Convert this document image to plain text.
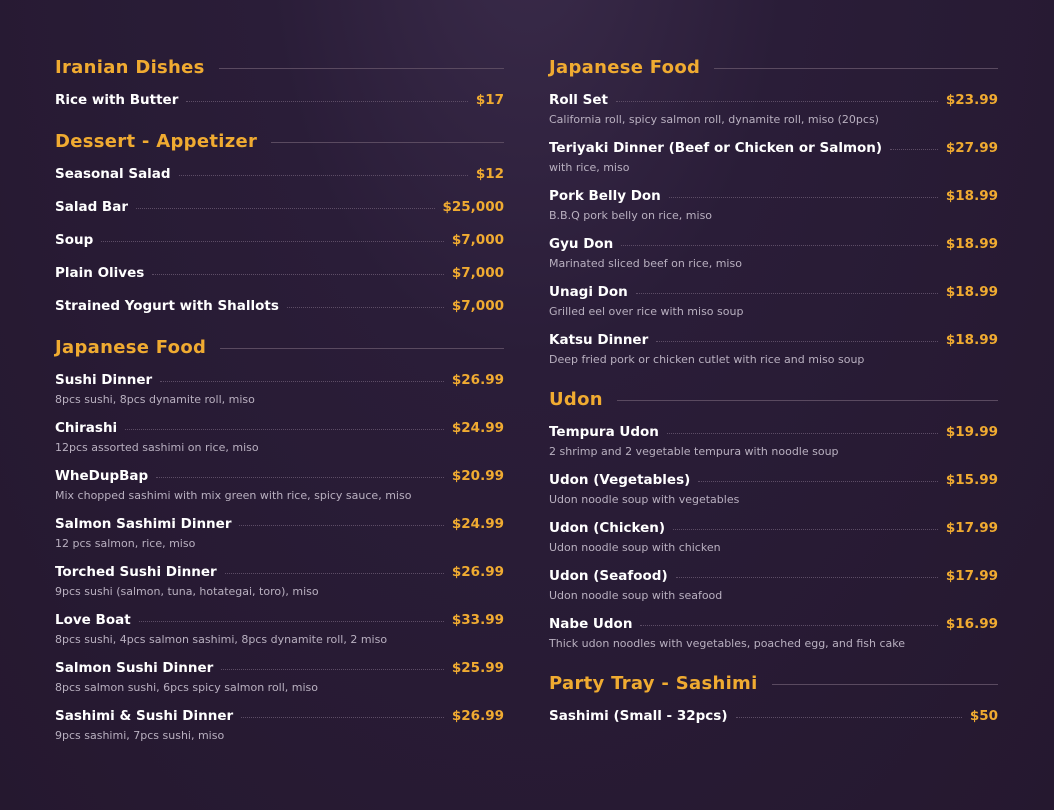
Iranian Dishes
Rice with Butter	$17
Dessert - Appetizer
Seasonal Salad	$12
Salad Bar	$25,000
Soup	$7,000
Plain Olives	$7,000
Strained Yogurt with Shallots	$7,000
Japanese Food
Sushi Dinner	$26.99
8pcs sushi, 8pcs dynamite roll, miso
Chirashi	$24.99
12pcs assorted sashimi on rice, miso
WheDupBap	$20.99
Mix chopped sashimi with mix green with rice, spicy sauce, miso
Salmon Sashimi Dinner	$24.99
12 pcs salmon, rice, miso
Torched Sushi Dinner	$26.99
9pcs sushi (salmon, tuna, hotategai, toro), miso
Love Boat	$33.99
8pcs sushi, 4pcs salmon sashimi, 8pcs dynamite roll, 2 miso
Salmon Sushi Dinner	$25.99
8pcs salmon sushi, 6pcs spicy salmon roll, miso
Sashimi & Sushi Dinner	$26.99
9pcs sashimi, 7pcs sushi, miso
Japanese Food
Roll Set	$23.99
California roll, spicy salmon roll, dynamite roll, miso (20pcs)
Teriyaki Dinner (Beef or Chicken or Salmon)	$27.99
with rice, miso
Pork Belly Don	$18.99
B.B.Q pork belly on rice, miso
Gyu Don	$18.99
Marinated sliced beef on rice, miso
Unagi Don	$18.99
Grilled eel over rice with miso soup
Katsu Dinner	$18.99
Deep fried pork or chicken cutlet with rice and miso soup
Udon
Tempura Udon	$19.99
2 shrimp and 2 vegetable tempura with noodle soup
Udon (Vegetables)	$15.99
Udon noodle soup with vegetables
Udon (Chicken)	$17.99
Udon noodle soup with chicken
Udon (Seafood)	$17.99
Udon noodle soup with seafood
Nabe Udon	$16.99
Thick udon noodles with vegetables, poached egg, and fish cake
Party Tray - Sashimi
Sashimi (Small - 32pcs)	$50
